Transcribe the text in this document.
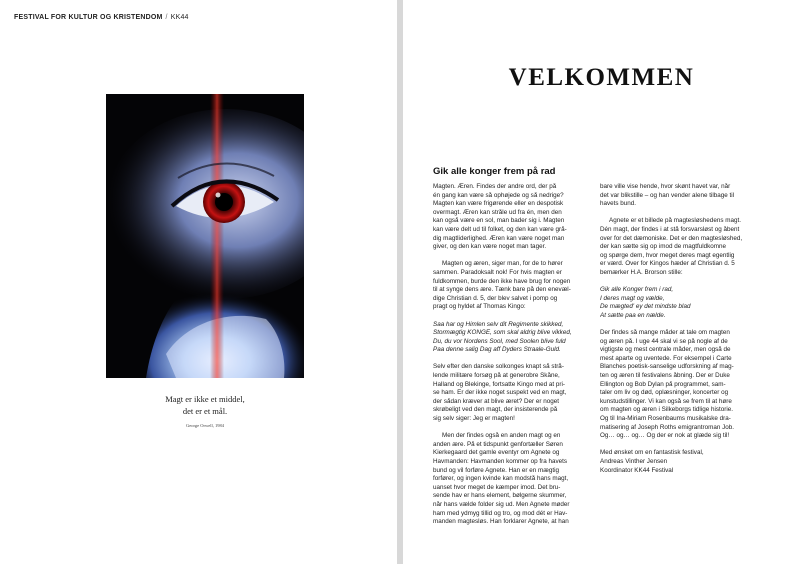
FESTIVAL FOR KULTUR OG KRISTENDOM / KK44
Magt er ikke et middel,
det er et mål.
George Orwell, 1984
VELKOMMEN
Gik alle konger frem på rad
Magten. Æren. Findes der andre ord, der på
én gang kan være så ophøjede og så nedrige?
Magten kan være frigørende eller en despotisk
overmagt. Æren kan stråle ud fra én, men den
kan også være en sol, man bader sig i. Magten
kan være delt ud til folket, og den kan være grå-
dig magtliderlighed. Æren kan være noget man
giver, og den kan være noget man tager.
Magten og æren, siger man, for de to hører
sammen. Paradoksalt nok! For hvis magten er
fuldkommen, burde den ikke have brug for nogen
til at synge dens ære. Tænk bare på den enevæl-
dige Christian d. 5, der blev salvet i pomp og
pragt og hyldet af Thomas Kingo:
Saa har og Himlen selv dit Regimente skikked,
Stormægtig KONGE, som skal aldrig blive vikked,
Du, du vor Nordens Sool, med Soolen blive fuld
Paa denne salig Dag aff Dyders Straale-Guld.
Selv efter den danske solkonges knapt så strå-
lende militære forsøg på at generobre Skåne,
Halland og Blekinge, fortsatte Kingo med at pri-
se ham. Er der ikke noget suspekt ved en magt,
der sådan kræver at blive æret? Der er noget
skrøbeligt ved den magt, der insisterende på
sig selv siger: Jeg er magten!
Men der findes også en anden magt og en
anden ære. På et tidspunkt genfortæller Søren
Kierkegaard det gamle eventyr om Agnete og
Havmanden: Havmanden kommer op fra havets
bund og vil forføre Agnete. Han er en mægtig
forfører, og ingen kvinde kan modstå hans magt,
uanset hvor meget de kæmper imod. Det bru-
sende hav er hans element, bølgerne skummer,
når hans vælde folder sig ud. Men Agnete møder
ham med ydmyg tillid og tro, og mod dét er Hav-
manden magtesløs. Han forklarer Agnete, at han
bare ville vise hende, hvor skønt havet var, når
det var blikstille – og han vender alene tilbage til
havets bund.
Agnete er et billede på magtesløshedens magt.
Dén magt, der findes i at stå forsvarsløst og åbent
over for det dæmoniske. Det er den magtesløshed,
der kan sætte sig op imod de magtfuldkomne
og spørge dem, hvor meget deres magt egentlig
er værd. Over for Kingos hæder af Christian d. 5
bemærker H.A. Brorson stille:
Gik alle Konger frem i rad,
I deres magt og vælde,
De mægted' ey det mindste blad
At sætte paa en nælde.
Der findes så mange måder at tale om magten
og æren på. I uge 44 skal vi se på nogle af de
vigtigste og mest centrale måder, men også de
mest aparte og uventede. For eksempel i Carte
Blanches poetisk-sanselige udforskning af mag-
ten og æren til festivalens åbning. Der er Duke
Ellington og Bob Dylan på programmet, sam-
taler om liv og død, oplæsninger, koncerter og
kunstudstillinger. Vi kan også se frem til at høre
om magten og æren i Silkeborgs tidlige historie.
Og til Ina-Miriam Rosenbaums musikalske dra-
matisering af Joseph Roths emigrantroman Job.
Og… og… og… Og der er nok at glæde sig til!
Med ønsket om en fantastisk festival,
Andreas Vinther Jensen
Koordinator KK44 Festival
